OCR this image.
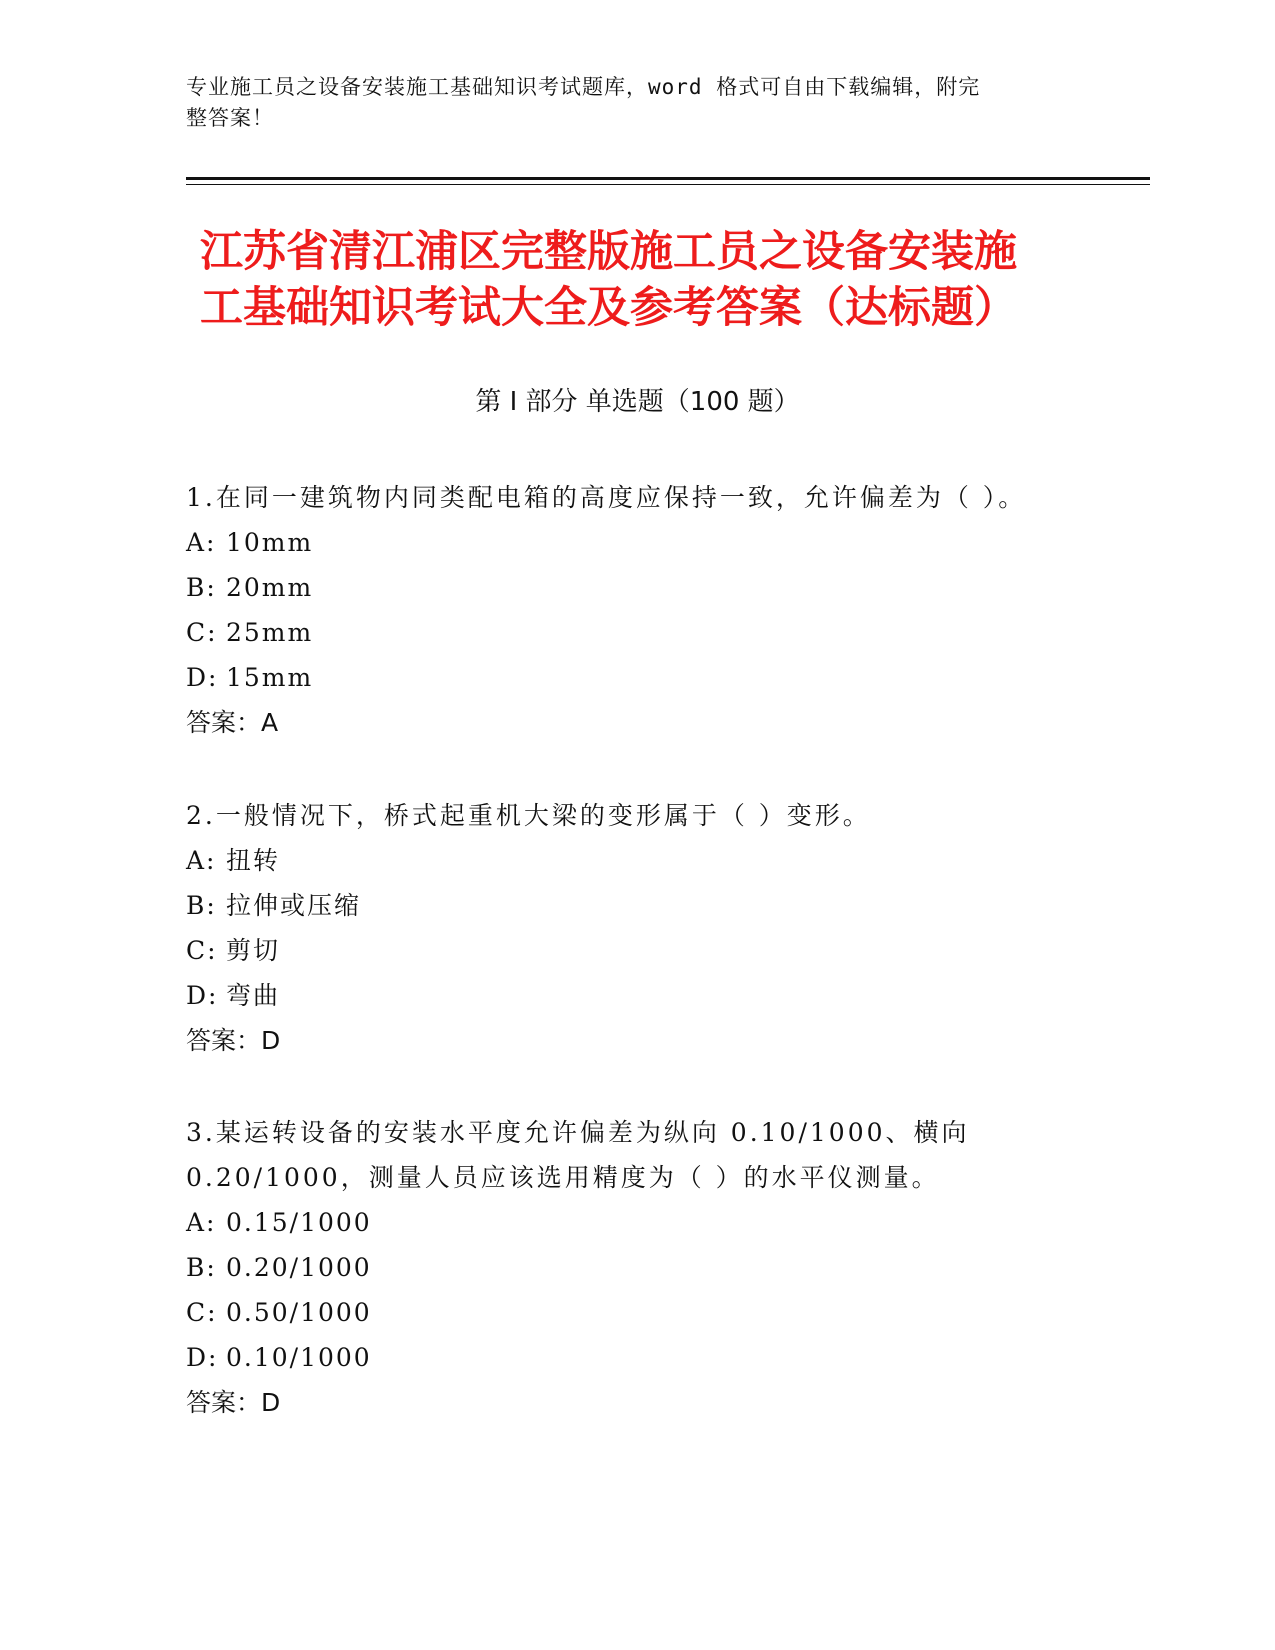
专业施工员之设备安装施工基础知识考试题库，word 格式可自由下载编辑，附完
整答案！
江苏省清江浦区完整版施工员之设备安装施
工基础知识考试大全及参考答案（达标题）
第 I 部分 单选题（100 题）

1.在同一建筑物内同类配电箱的高度应保持一致，允许偏差为（ ）。

A: 10mm

B: 20mm

C: 25mm

D: 15mm

答案：A

2.一般情况下，桥式起重机大梁的变形属于（ ）变形。

A: 扭转

B: 拉伸或压缩

C: 剪切

D: 弯曲

答案：D

3.某运转设备的安装水平度允许偏差为纵向 0.10/1000、横向

0.20/1000，测量人员应该选用精度为（ ）的水平仪测量。

A: 0.15/1000

B: 0.20/1000

C: 0.50/1000

D: 0.10/1000

答案：D
